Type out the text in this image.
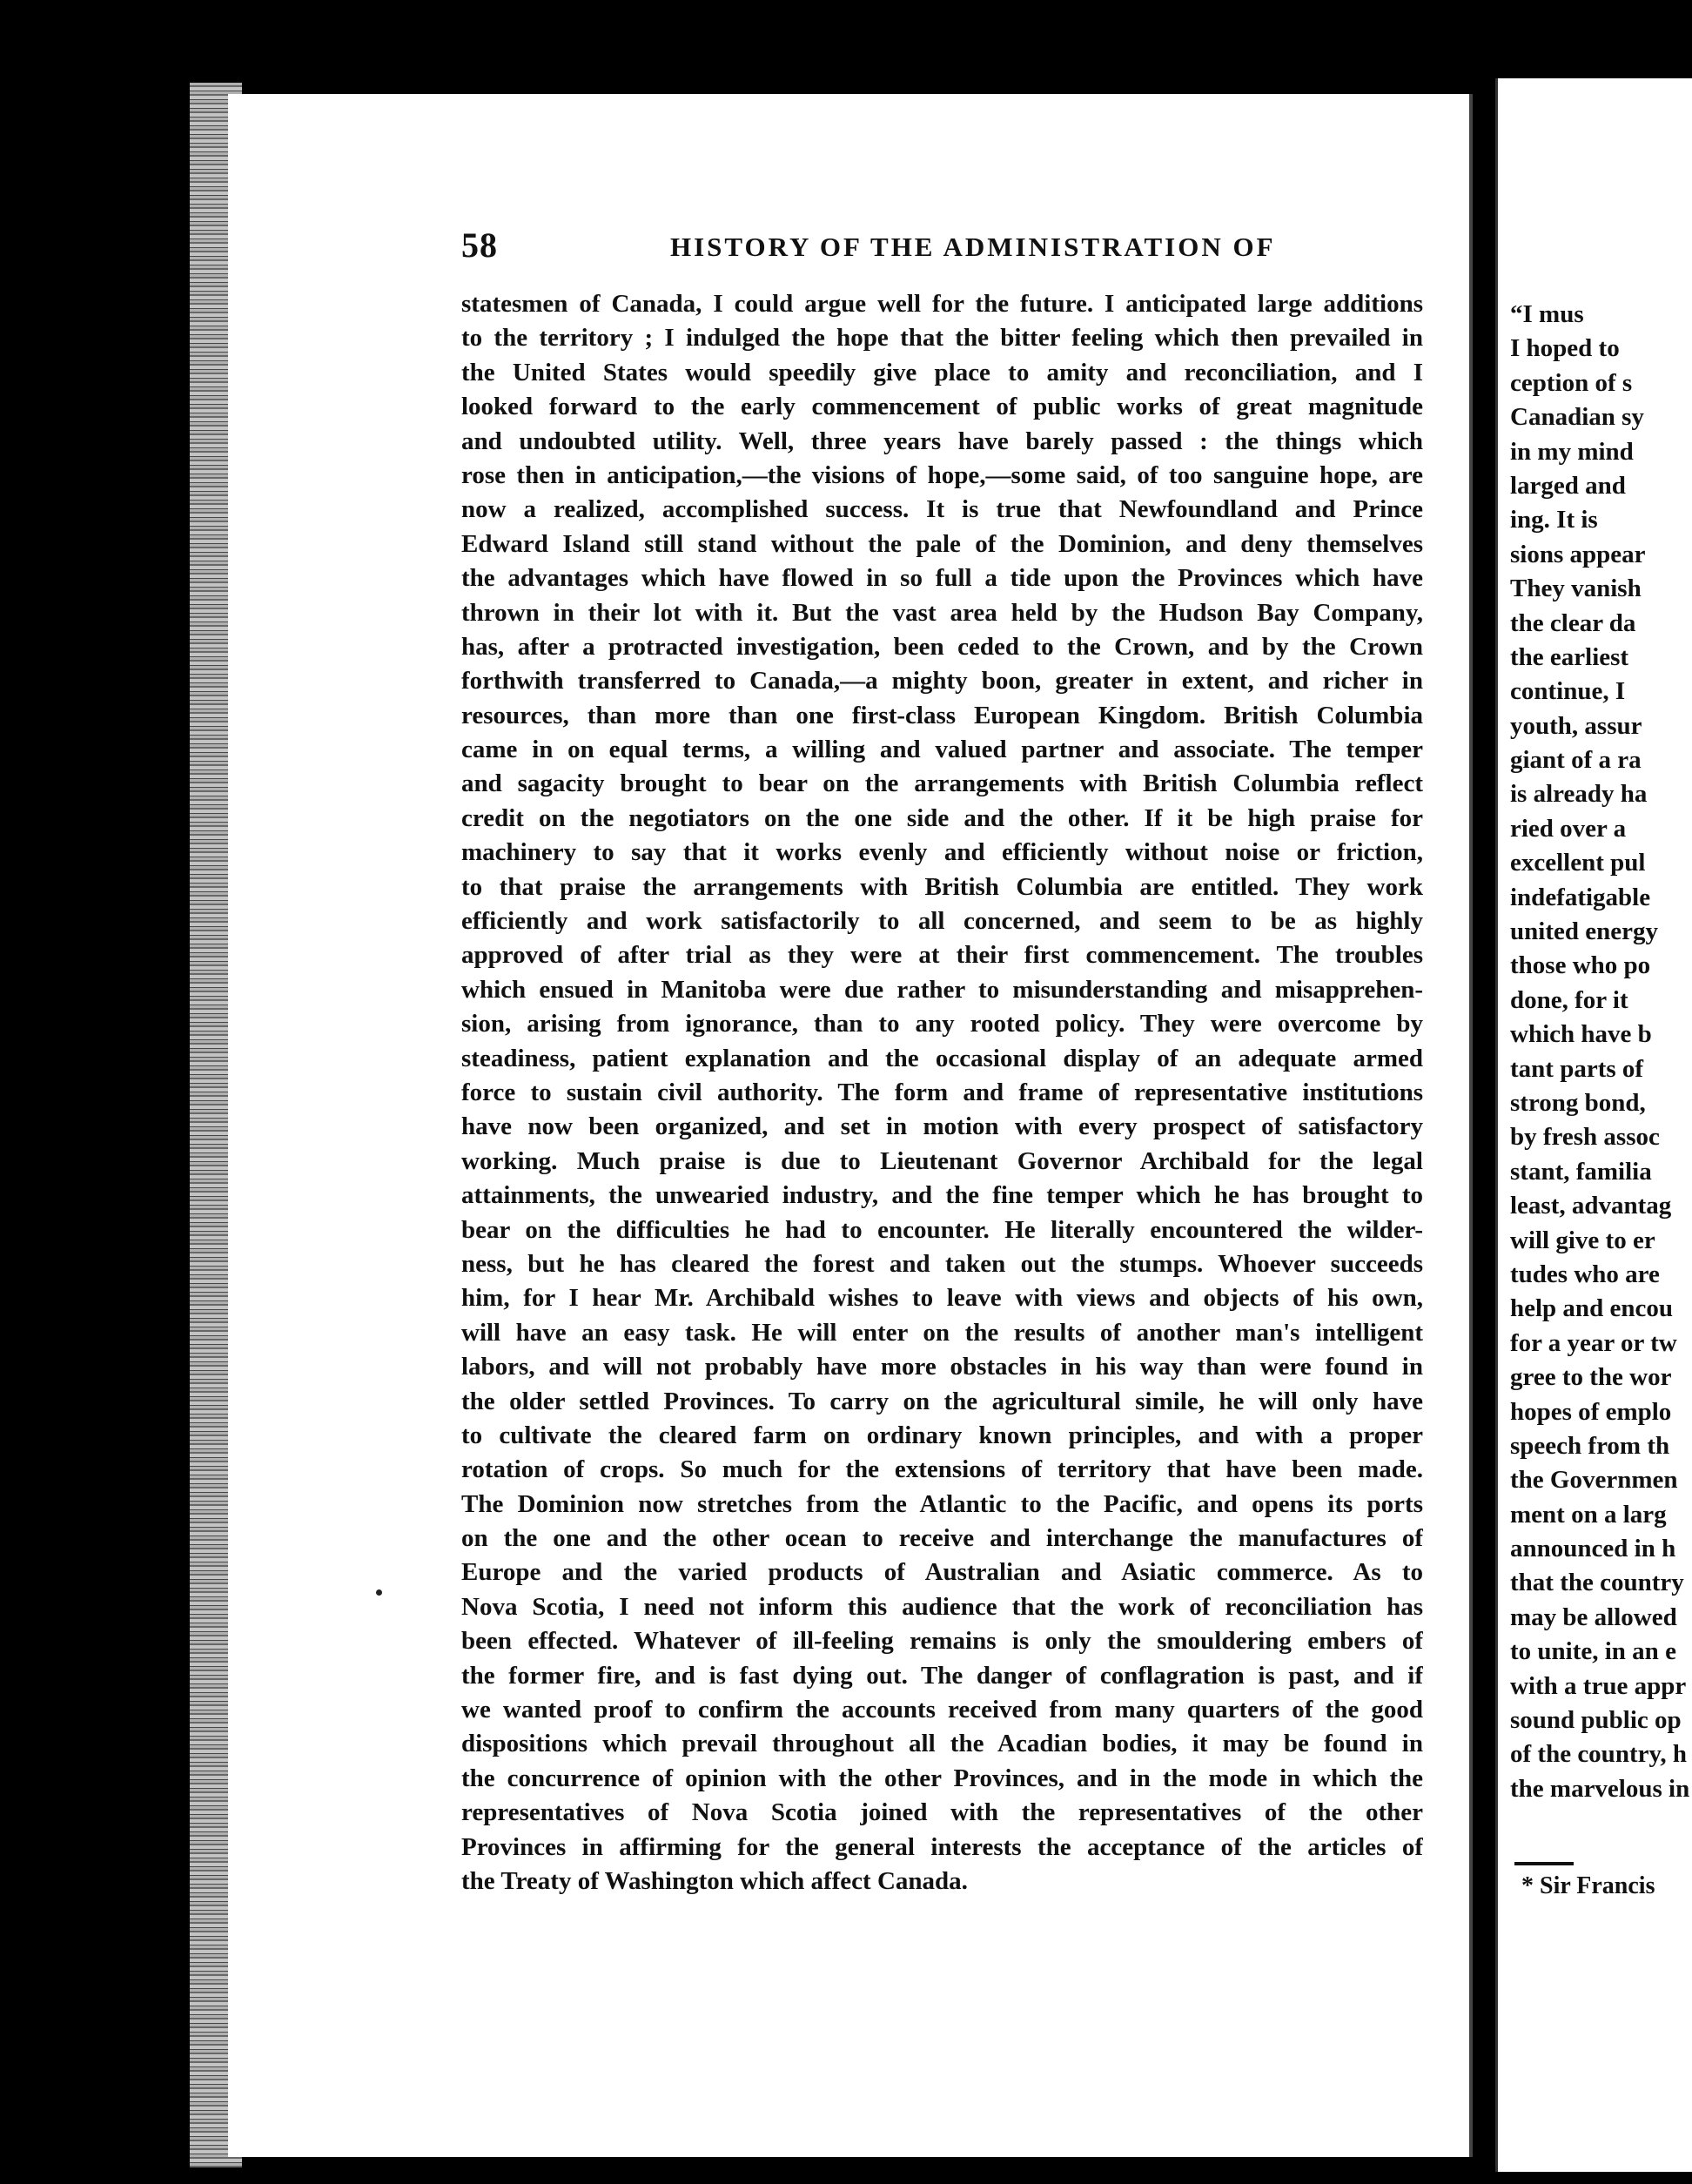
58	HISTORY OF THE ADMINISTRATION OF
statesmen of Canada, I could argue well for the future. I anticipated large additions
to the territory ; I indulged the hope that the bitter feeling which then prevailed in
the United States would speedily give place to amity and reconciliation, and I
looked forward to the early commencement of public works of great magnitude
and undoubted utility. Well, three years have barely passed : the things which
rose then in anticipation,—the visions of hope,—some said, of too sanguine hope, are
now a realized, accomplished success. It is true that Newfoundland and Prince
Edward Island still stand without the pale of the Dominion, and deny themselves
the advantages which have flowed in so full a tide upon the Provinces which have
thrown in their lot with it. But the vast area held by the Hudson Bay Company,
has, after a protracted investigation, been ceded to the Crown, and by the Crown
forthwith transferred to Canada,—a mighty boon, greater in extent, and richer in
resources, than more than one first-class European Kingdom. British Columbia
came in on equal terms, a willing and valued partner and associate. The temper
and sagacity brought to bear on the arrangements with British Columbia reflect
credit on the negotiators on the one side and the other. If it be high praise for
machinery to say that it works evenly and efficiently without noise or friction,
to that praise the arrangements with British Columbia are entitled. They work
efficiently and work satisfactorily to all concerned, and seem to be as highly
approved of after trial as they were at their first commencement. The troubles
which ensued in Manitoba were due rather to misunderstanding and misapprehen-
sion, arising from ignorance, than to any rooted policy. They were overcome by
steadiness, patient explanation and the occasional display of an adequate armed
force to sustain civil authority. The form and frame of representative institutions
have now been organized, and set in motion with every prospect of satisfactory
working. Much praise is due to Lieutenant Governor Archibald for the legal
attainments, the unwearied industry, and the fine temper which he has brought to
bear on the difficulties he had to encounter. He literally encountered the wilder-
ness, but he has cleared the forest and taken out the stumps. Whoever succeeds
him, for I hear Mr. Archibald wishes to leave with views and objects of his own,
will have an easy task. He will enter on the results of another man's intelligent
labors, and will not probably have more obstacles in his way than were found in
the older settled Provinces. To carry on the agricultural simile, he will only have
to cultivate the cleared farm on ordinary known principles, and with a proper
rotation of crops. So much for the extensions of territory that have been made.
The Dominion now stretches from the Atlantic to the Pacific, and opens its ports
on the one and the other ocean to receive and interchange the manufactures of
Europe and the varied products of Australian and Asiatic commerce. As to
Nova Scotia, I need not inform this audience that the work of reconciliation has
been effected. Whatever of ill-feeling remains is only the smouldering embers of
the former fire, and is fast dying out. The danger of conflagration is past, and if
we wanted proof to confirm the accounts received from many quarters of the good
dispositions which prevail throughout all the Acadian bodies, it may be found in
the concurrence of opinion with the other Provinces, and in the mode in which the
representatives of Nova Scotia joined with the representatives of the other
Provinces in affirming for the general interests the acceptance of the articles of
the Treaty of Washington which affect Canada.
“I mus
I hoped to
ception of s
Canadian sy
in my mind
larged and
ing. It is
sions appear
They vanish
the clear da
the earliest
continue, I
youth, assur
giant of a ra
is already ha
ried over a
excellent pul
indefatigable
united energy
those who po
done, for it
which have b
tant parts of
strong bond,
by fresh assoc
stant, familia
least, advantag
will give to er
tudes who are
help and encou
for a year or tw
gree to the wor
hopes of emplo
speech from th
the Governmen
ment on a larg
announced in h
that the country
may be allowed
to unite, in an e
with a true appr
sound public op
of the country, h
the marvelous in
* Sir Francis
